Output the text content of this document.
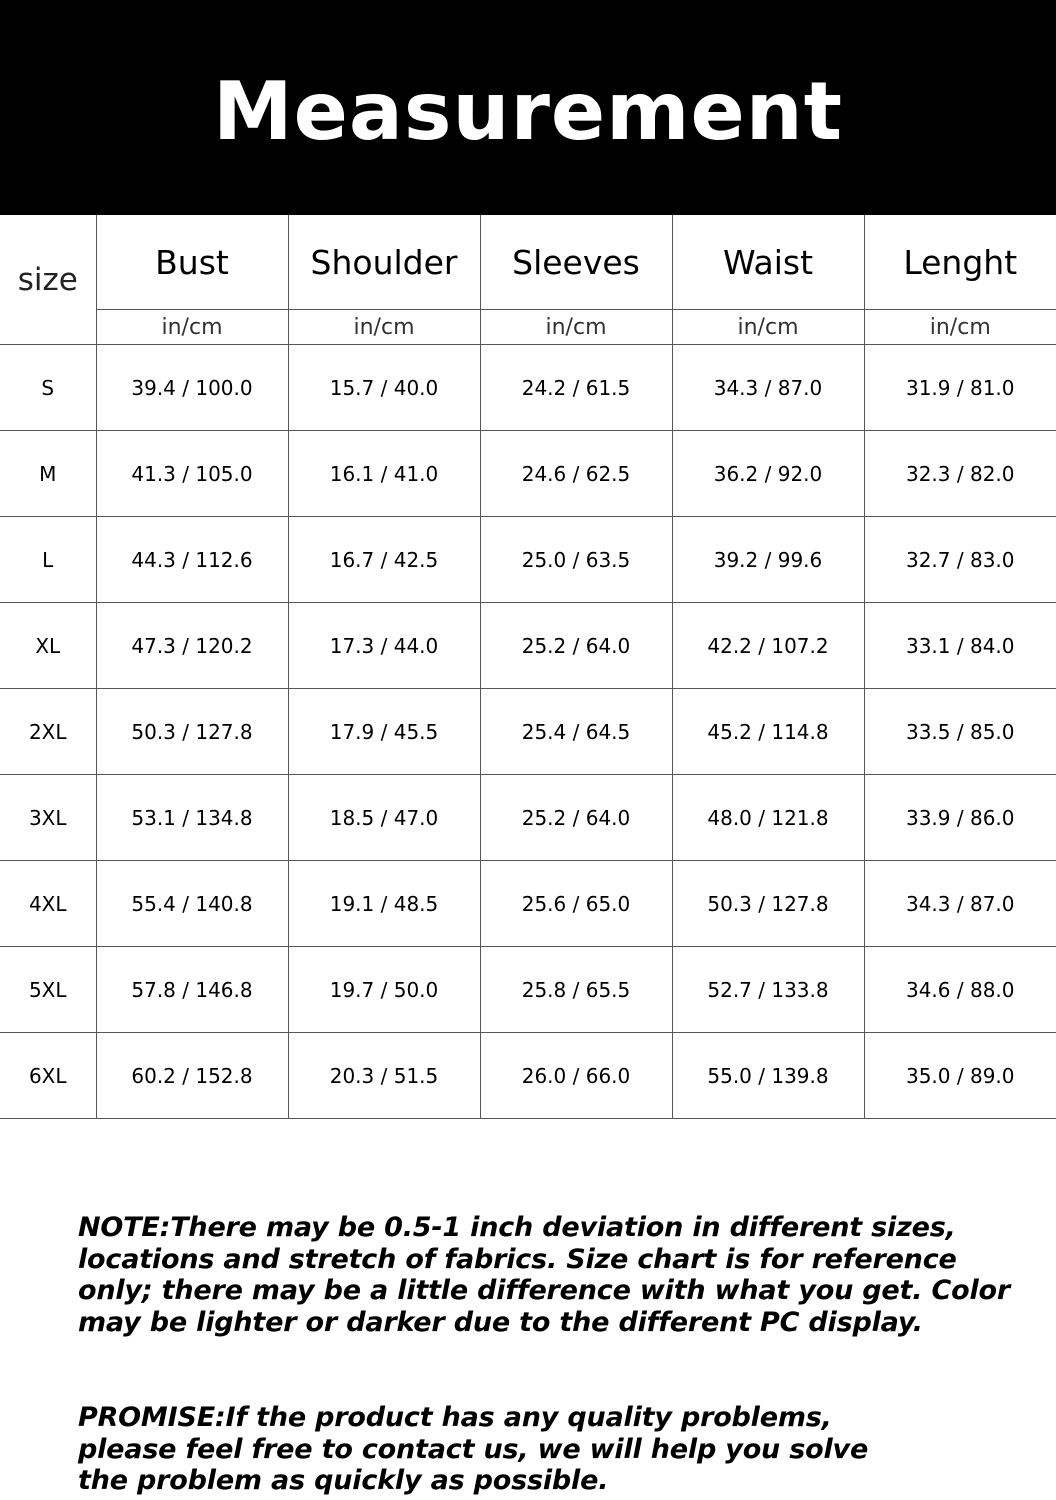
Measurement
size	Bust	Shoulder	Sleeves	Waist	Lenght
	in/cm	in/cm	in/cm	in/cm	in/cm
S	39.4 / 100.0	15.7 / 40.0	24.2 / 61.5	34.3 / 87.0	31.9 / 81.0
M	41.3 / 105.0	16.1 / 41.0	24.6 / 62.5	36.2 / 92.0	32.3 / 82.0
L	44.3 / 112.6	16.7 / 42.5	25.0 / 63.5	39.2 / 99.6	32.7 / 83.0
XL	47.3 / 120.2	17.3 / 44.0	25.2 / 64.0	42.2 / 107.2	33.1 / 84.0
2XL	50.3 / 127.8	17.9 / 45.5	25.4 / 64.5	45.2 / 114.8	33.5 / 85.0
3XL	53.1 / 134.8	18.5 / 47.0	25.2 / 64.0	48.0 / 121.8	33.9 / 86.0
4XL	55.4 / 140.8	19.1 / 48.5	25.6 / 65.0	50.3 / 127.8	34.3 / 87.0
5XL	57.8 / 146.8	19.7 / 50.0	25.8 / 65.5	52.7 / 133.8	34.6 / 88.0
6XL	60.2 / 152.8	20.3 / 51.5	26.0 / 66.0	55.0 / 139.8	35.0 / 89.0

NOTE:There may be 0.5-1 inch deviation in different sizes, locations and stretch of fabrics. Size chart is for reference only; there may be a little difference with what you get. Color may be lighter or darker due to the different PC display.

PROMISE:If the product has any quality problems, please feel free to contact us, we will help you solve the problem as quickly as possible.
